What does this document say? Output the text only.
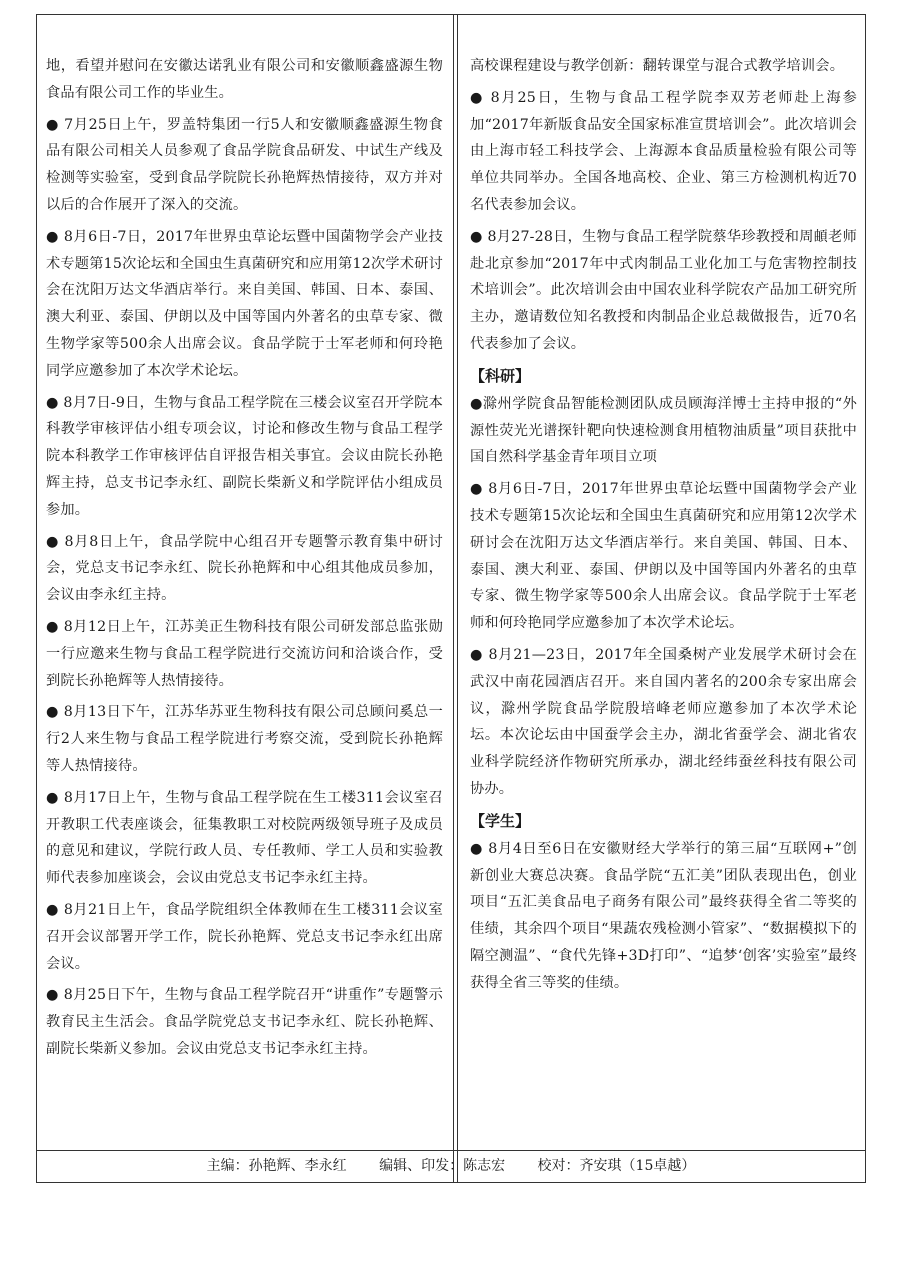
地，看望并慰问在安徽达诺乳业有限公司和安徽顺鑫盛源生物食品有限公司工作的毕业生。

● 7月25日上午，罗盖特集团一行5人和安徽顺鑫盛源生物食品有限公司相关人员参观了食品学院食品研发、中试生产线及检测等实验室，受到食品学院院长孙艳辉热情接待，双方并对以后的合作展开了深入的交流。

● 8月6日-7日，2017年世界虫草论坛暨中国菌物学会产业技术专题第15次论坛和全国虫生真菌研究和应用第12次学术研讨会在沈阳万达文华酒店举行。来自美国、韩国、日本、泰国、澳大利亚、泰国、伊朗以及中国等国内外著名的虫草专家、微生物学家等500余人出席会议。食品学院于士军老师和何玲艳同学应邀参加了本次学术论坛。

● 8月7日-9日，生物与食品工程学院在三楼会议室召开学院本科教学审核评估小组专项会议，讨论和修改生物与食品工程学院本科教学工作审核评估自评报告相关事宜。会议由院长孙艳辉主持，总支书记李永红、副院长柴新义和学院评估小组成员参加。

● 8月8日上午，食品学院中心组召开专题警示教育集中研讨会，党总支书记李永红、院长孙艳辉和中心组其他成员参加，会议由李永红主持。

● 8月12日上午，江苏美正生物科技有限公司研发部总监张勋一行应邀来生物与食品工程学院进行交流访问和洽谈合作，受到院长孙艳辉等人热情接待。

● 8月13日下午，江苏华苏亚生物科技有限公司总顾问奚总一行2人来生物与食品工程学院进行考察交流，受到院长孙艳辉等人热情接待。

● 8月17日上午，生物与食品工程学院在生工楼311会议室召开教职工代表座谈会，征集教职工对校院两级领导班子及成员的意见和建议，学院行政人员、专任教师、学工人员和实验教师代表参加座谈会，会议由党总支书记李永红主持。

● 8月21日上午，食品学院组织全体教师在生工楼311会议室召开会议部署开学工作，院长孙艳辉、党总支书记李永红出席会议。

● 8月25日下午，生物与食品工程学院召开“讲重作”专题警示教育民主生活会。食品学院党总支书记李永红、院长孙艳辉、副院长柴新义参加。会议由党总支书记李永红主持。

高校课程建设与教学创新：翻转课堂与混合式教学培训会。

● 8月25日，生物与食品工程学院李双芳老师赴上海参加“2017年新版食品安全国家标准宣贯培训会”。此次培训会由上海市轻工科技学会、上海源本食品质量检验有限公司等单位共同举办。全国各地高校、企业、第三方检测机构近70名代表参加会议。

● 8月27-28日，生物与食品工程学院蔡华珍教授和周頔老师赴北京参加“2017年中式肉制品工业化加工与危害物控制技术培训会”。此次培训会由中国农业科学院农产品加工研究所主办，邀请数位知名教授和肉制品企业总裁做报告，近70名代表参加了会议。

【科研】

●滁州学院食品智能检测团队成员顾海洋博士主持申报的“外源性荧光光谱探针靶向快速检测食用植物油质量”项目获批中国自然科学基金青年项目立项

● 8月6日-7日，2017年世界虫草论坛暨中国菌物学会产业技术专题第15次论坛和全国虫生真菌研究和应用第12次学术研讨会在沈阳万达文华酒店举行。来自美国、韩国、日本、泰国、澳大利亚、泰国、伊朗以及中国等国内外著名的虫草专家、微生物学家等500余人出席会议。食品学院于士军老师和何玲艳同学应邀参加了本次学术论坛。

● 8月21—23日，2017年全国桑树产业发展学术研讨会在武汉中南花园酒店召开。来自国内著名的200余专家出席会议，滁州学院食品学院殷培峰老师应邀参加了本次学术论坛。本次论坛由中国蚕学会主办，湖北省蚕学会、湖北省农业科学院经济作物研究所承办，湖北经纬蚕丝科技有限公司协办。

【学生】

● 8月4日至6日在安徽财经大学举行的第三届“互联网+”创新创业大赛总决赛。食品学院“五汇美”团队表现出色，创业项目“五汇美食品电子商务有限公司”最终获得全省二等奖的佳绩，其余四个项目“果蔬农残检测小管家”、“数据模拟下的隔空测温”、“食代先锋+3D打印”、“追梦‘创客’实验室”最终获得全省三等奖的佳绩。

主编：孙艳辉、李永红 编辑、印发：陈志宏 校对：齐安琪（15卓越）
